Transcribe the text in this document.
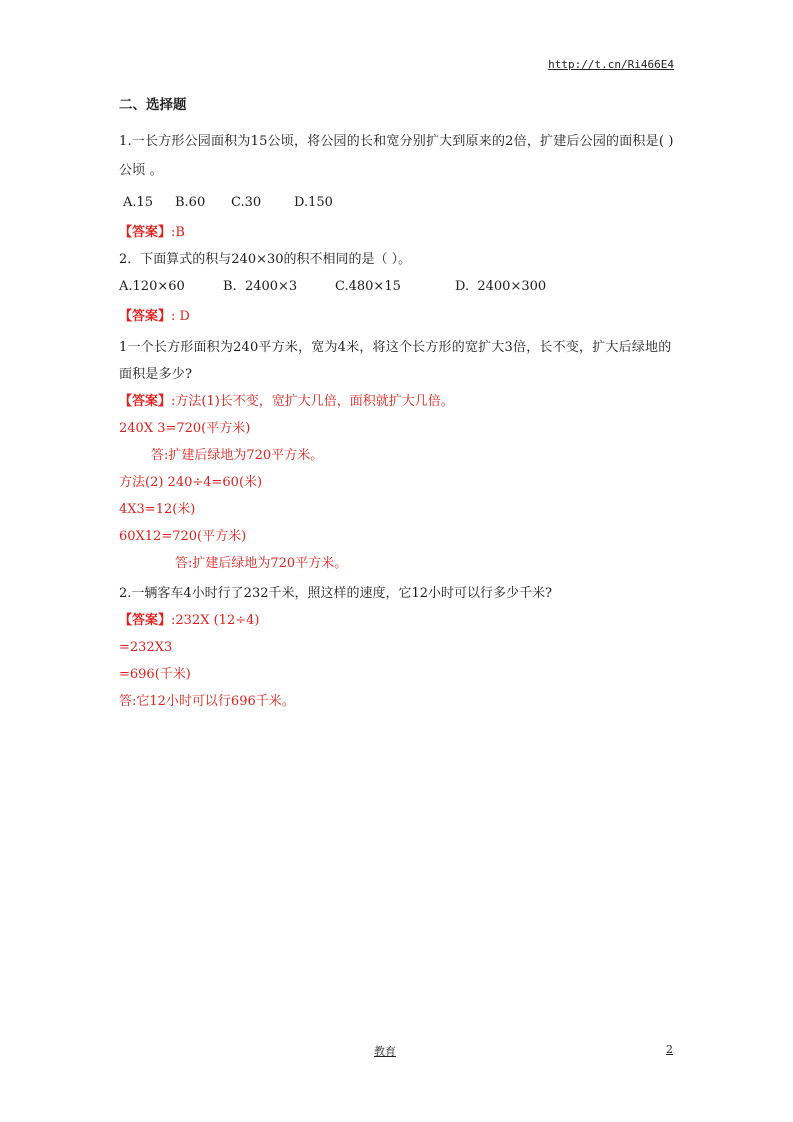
http://t.cn/Ri466E4
二、选择题
1.一长方形公园面积为15公顷，将公园的长和宽分别扩大到原来的2倍，扩建后公园的面积是( )公顷 。
A.15 B.60 C.30	D.150
【答案】:B
2．下面算式的积与240×30的积不相同的是（ ）。
A.120×60	B.  2400×3	C.480×15	D.  2400×300
【答案】: D
1一个长方形面积为240平方米，宽为4米，将这个长方形的宽扩大3倍，长不变，扩大后绿地的面积是多少?
【答案】:方法(1)长不变，宽扩大几倍，面积就扩大几倍。
240X 3=720(平方米)
答:扩建后绿地为720平方米。
方法(2) 240÷4=60(米)
4X3=12(米)
60X12=720(平方米)
答:扩建后绿地为720平方米。
2.一辆客车4小时行了232千米，照这样的速度，它12小时可以行多少千米?
【答案】:232X (12÷4)
=232X3
=696(千米)
答:它12小时可以行696千米。
教育	2
